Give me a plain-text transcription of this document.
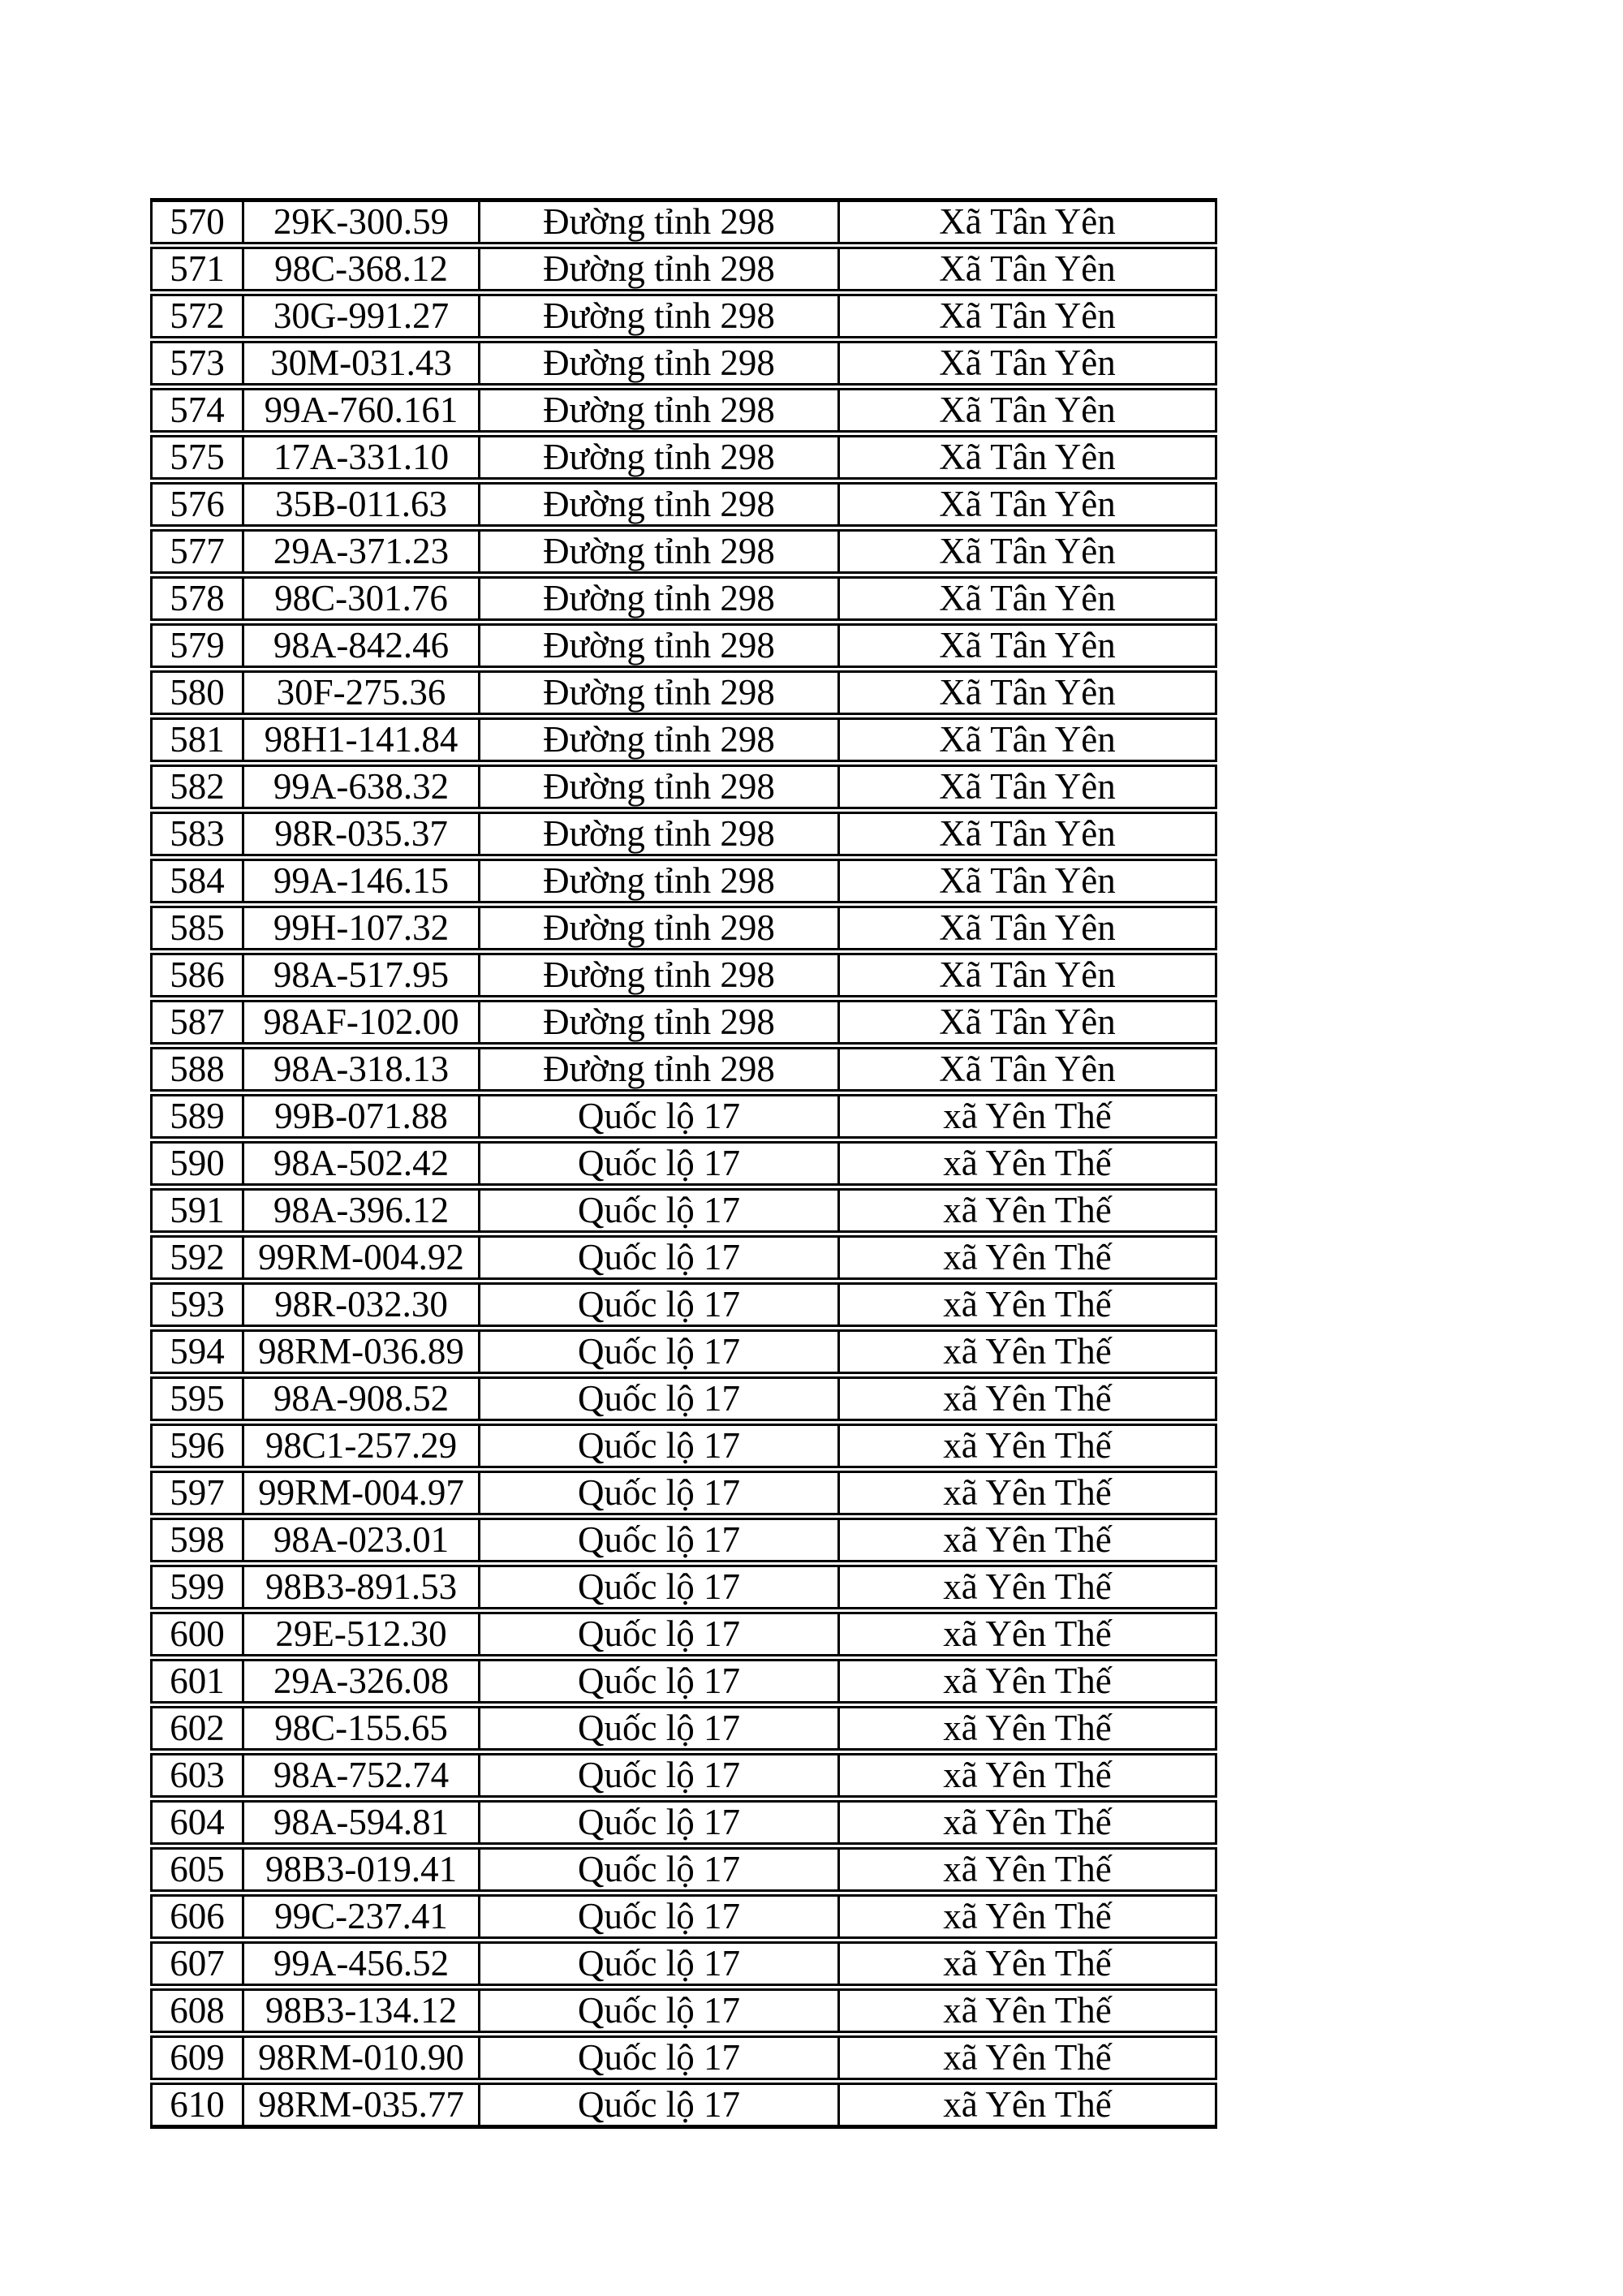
570	29K-300.59	Đường tỉnh 298	Xã Tân Yên
571	98C-368.12	Đường tỉnh 298	Xã Tân Yên
572	30G-991.27	Đường tỉnh 298	Xã Tân Yên
573	30M-031.43	Đường tỉnh 298	Xã Tân Yên
574	99A-760.161	Đường tỉnh 298	Xã Tân Yên
575	17A-331.10	Đường tỉnh 298	Xã Tân Yên
576	35B-011.63	Đường tỉnh 298	Xã Tân Yên
577	29A-371.23	Đường tỉnh 298	Xã Tân Yên
578	98C-301.76	Đường tỉnh 298	Xã Tân Yên
579	98A-842.46	Đường tỉnh 298	Xã Tân Yên
580	30F-275.36	Đường tỉnh 298	Xã Tân Yên
581	98H1-141.84	Đường tỉnh 298	Xã Tân Yên
582	99A-638.32	Đường tỉnh 298	Xã Tân Yên
583	98R-035.37	Đường tỉnh 298	Xã Tân Yên
584	99A-146.15	Đường tỉnh 298	Xã Tân Yên
585	99H-107.32	Đường tỉnh 298	Xã Tân Yên
586	98A-517.95	Đường tỉnh 298	Xã Tân Yên
587	98AF-102.00	Đường tỉnh 298	Xã Tân Yên
588	98A-318.13	Đường tỉnh 298	Xã Tân Yên
589	99B-071.88	Quốc lộ 17	xã Yên Thế
590	98A-502.42	Quốc lộ 17	xã Yên Thế
591	98A-396.12	Quốc lộ 17	xã Yên Thế
592	99RM-004.92	Quốc lộ 17	xã Yên Thế
593	98R-032.30	Quốc lộ 17	xã Yên Thế
594	98RM-036.89	Quốc lộ 17	xã Yên Thế
595	98A-908.52	Quốc lộ 17	xã Yên Thế
596	98C1-257.29	Quốc lộ 17	xã Yên Thế
597	99RM-004.97	Quốc lộ 17	xã Yên Thế
598	98A-023.01	Quốc lộ 17	xã Yên Thế
599	98B3-891.53	Quốc lộ 17	xã Yên Thế
600	29E-512.30	Quốc lộ 17	xã Yên Thế
601	29A-326.08	Quốc lộ 17	xã Yên Thế
602	98C-155.65	Quốc lộ 17	xã Yên Thế
603	98A-752.74	Quốc lộ 17	xã Yên Thế
604	98A-594.81	Quốc lộ 17	xã Yên Thế
605	98B3-019.41	Quốc lộ 17	xã Yên Thế
606	99C-237.41	Quốc lộ 17	xã Yên Thế
607	99A-456.52	Quốc lộ 17	xã Yên Thế
608	98B3-134.12	Quốc lộ 17	xã Yên Thế
609	98RM-010.90	Quốc lộ 17	xã Yên Thế
610	98RM-035.77	Quốc lộ 17	xã Yên Thế
